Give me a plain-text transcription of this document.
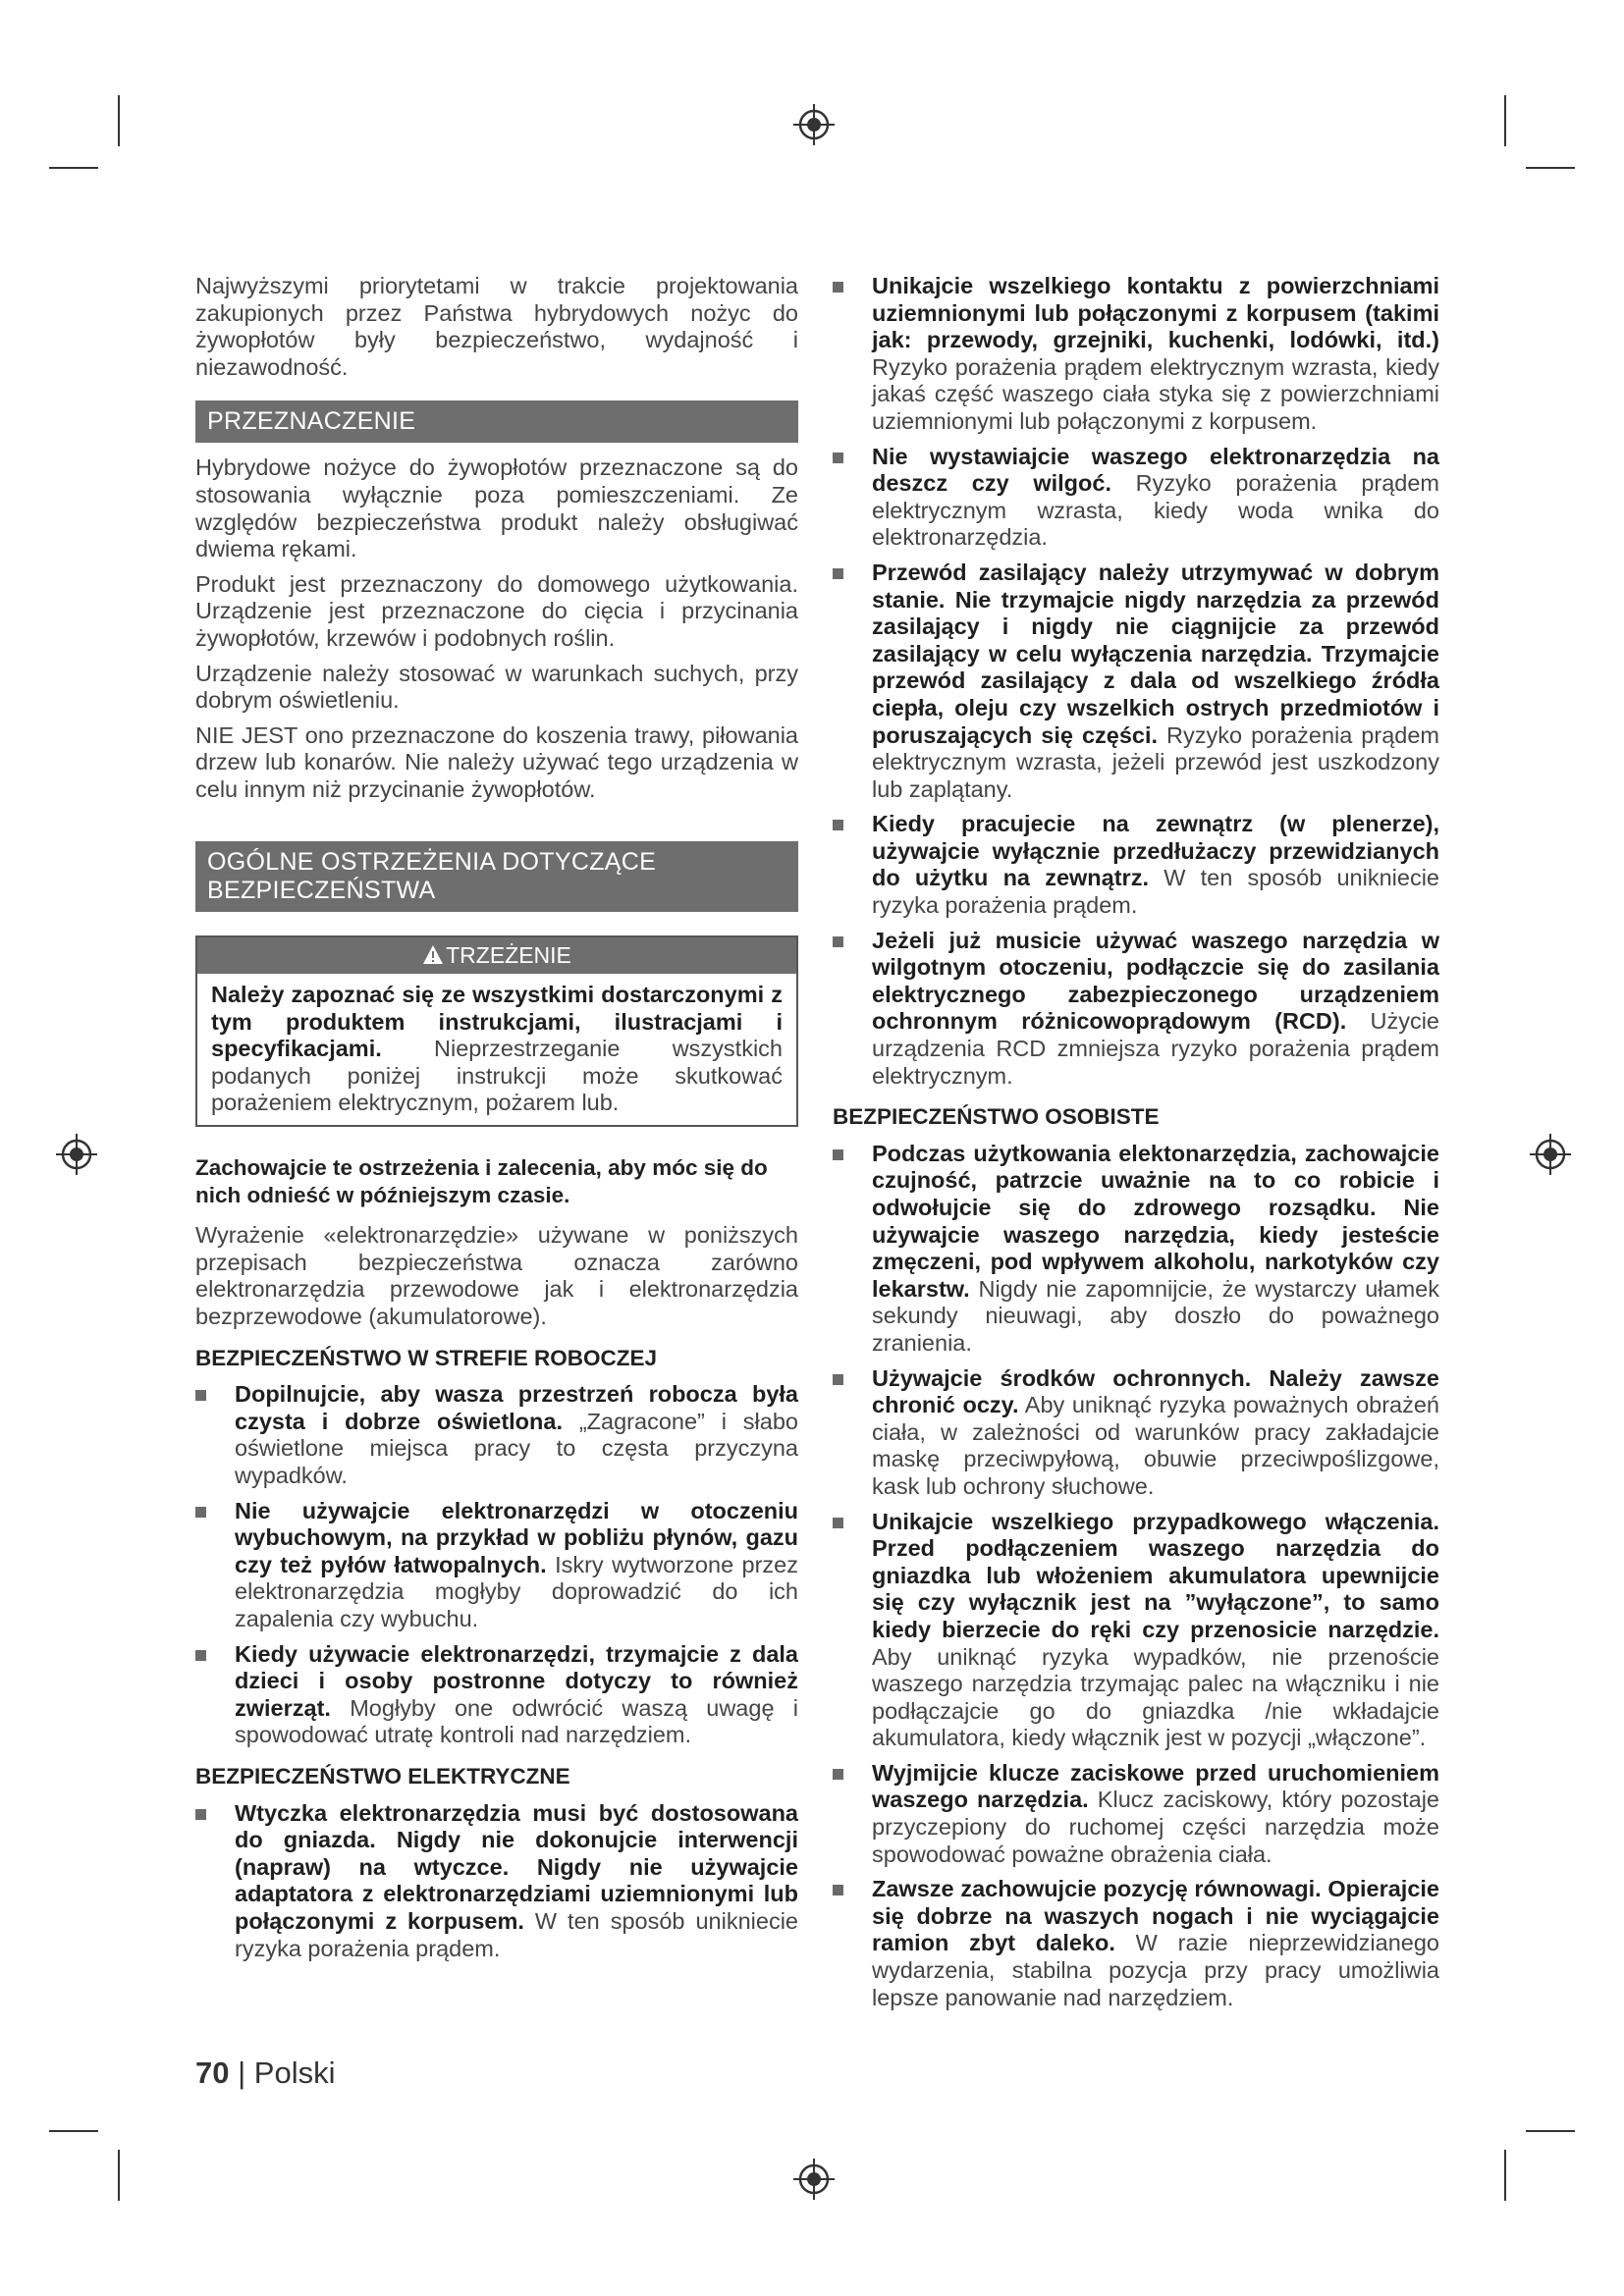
Najwyższymi priorytetami w trakcie projektowania zakupionych przez Państwa hybrydowych nożyc do żywopłotów były bezpieczeństwo, wydajność i niezawodność.

PRZEZNACZENIE

Hybrydowe nożyce do żywopłotów przeznaczone są do stosowania wyłącznie poza pomieszczeniami. Ze względów bezpieczeństwa produkt należy obsługiwać dwiema rękami.

Produkt jest przeznaczony do domowego użytkowania. Urządzenie jest przeznaczone do cięcia i przycinania żywopłotów, krzewów i podobnych roślin.

Urządzenie należy stosować w warunkach suchych, przy dobrym oświetleniu.

NIE JEST ono przeznaczone do koszenia trawy, piłowania drzew lub konarów. Nie należy używać tego urządzenia w celu innym niż przycinanie żywopłotów.

OGÓLNE OSTRZEŻENIA DOTYCZĄCE
BEZPIECZEŃSTWA
TRZEŻENIE

Należy zapoznać się ze wszystkimi dostarczonymi z tym produktem instrukcjami, ilustracjami i specyfikacjami. Nieprzestrzeganie wszystkich podanych poniżej instrukcji może skutkować porażeniem elektrycznym, pożarem lub.

Zachowajcie te ostrzeżenia i zalecenia, aby móc się do nich odnieść w późniejszym czasie.

Wyrażenie «elektronarzędzie» używane w poniższych przepisach bezpieczeństwa oznacza zarówno elektronarzędzia przewodowe jak i elektronarzędzia bezprzewodowe (akumulatorowe).

BEZPIECZEŃSTWO W STREFIE ROBOCZEJ
Dopilnujcie, aby wasza przestrzeń robocza była czysta i dobrze oświetlona. „Zagracone” i słabo oświetlone miejsca pracy to częsta przyczyna wypadków.
Nie używajcie elektronarzędzi w otoczeniu wybuchowym, na przykład w pobliżu płynów, gazu czy też pyłów łatwopalnych. Iskry wytworzone przez elektronarzędzia mogłyby doprowadzić do ich zapalenia czy wybuchu.
Kiedy używacie elektronarzędzi, trzymajcie z dala dzieci i osoby postronne dotyczy to również zwierząt. Mogłyby one odwrócić waszą uwagę i spowodować utratę kontroli nad narzędziem.
BEZPIECZEŃSTWO ELEKTRYCZNE
Wtyczka elektronarzędzia musi być dostosowana do gniazda. Nigdy nie dokonujcie interwencji (napraw) na wtyczce. Nigdy nie używajcie adaptatora z elektronarzędziami uziemnionymi lub połączonymi z korpusem. W ten sposób unikniecie ryzyka porażenia prądem.
Unikajcie wszelkiego kontaktu z powierzchniami uziemnionymi lub połączonymi z korpusem (takimi jak: przewody, grzejniki, kuchenki, lodówki, itd.) Ryzyko porażenia prądem elektrycznym wzrasta, kiedy jakaś część waszego ciała styka się z powierzchniami uziemnionymi lub połączonymi z korpusem.
Nie wystawiajcie waszego elektronarzędzia na deszcz czy wilgoć. Ryzyko porażenia prądem elektrycznym wzrasta, kiedy woda wnika do elektronarzędzia.
Przewód zasilający należy utrzymywać w dobrym stanie. Nie trzymajcie nigdy narzędzia za przewód zasilający i nigdy nie ciągnijcie za przewód zasilający w celu wyłączenia narzędzia. Trzymajcie przewód zasilający z dala od wszelkiego źródła ciepła, oleju czy wszelkich ostrych przedmiotów i poruszających się części. Ryzyko porażenia prądem elektrycznym wzrasta, jeżeli przewód jest uszkodzony lub zaplątany.
Kiedy pracujecie na zewnątrz (w plenerze), używajcie wyłącznie przedłużaczy przewidzianych do użytku na zewnątrz. W ten sposób unikniecie ryzyka porażenia prądem.
Jeżeli już musicie używać waszego narzędzia w wilgotnym otoczeniu, podłączcie się do zasilania elektrycznego zabezpieczonego urządzeniem ochronnym różnicowoprądowym (RCD). Użycie urządzenia RCD zmniejsza ryzyko porażenia prądem elektrycznym.
BEZPIECZEŃSTWO OSOBISTE
Podczas użytkowania elektonarzędzia, zachowajcie czujność, patrzcie uważnie na to co robicie i odwołujcie się do zdrowego rozsądku. Nie używajcie waszego narzędzia, kiedy jesteście zmęczeni, pod wpływem alkoholu, narkotyków czy lekarstw. Nigdy nie zapomnijcie, że wystarczy ułamek sekundy nieuwagi, aby doszło do poważnego zranienia.
Używajcie środków ochronnych. Należy zawsze chronić oczy. Aby uniknąć ryzyka poważnych obrażeń ciała, w zależności od warunków pracy zakładajcie maskę przeciwpyłową, obuwie przeciwpoślizgowe, kask lub ochrony słuchowe.
Unikajcie wszelkiego przypadkowego włączenia. Przed podłączeniem waszego narzędzia do gniazdka lub włożeniem akumulatora upewnijcie się czy wyłącznik jest na ”wyłączone”, to samo kiedy bierzecie do ręki czy przenosicie narzędzie. Aby uniknąć ryzyka wypadków, nie przenoście waszego narzędzia trzymając palec na włączniku i nie podłączajcie go do gniazdka /nie wkładajcie akumulatora, kiedy włącznik jest w pozycji „włączone”.
Wyjmijcie klucze zaciskowe przed uruchomieniem waszego narzędzia. Klucz zaciskowy, który pozostaje przyczepiony do ruchomej części narzędzia może spowodować poważne obrażenia ciała.
Zawsze zachowujcie pozycję równowagi. Opierajcie się dobrze na waszych nogach i nie wyciągajcie ramion zbyt daleko. W razie nieprzewidzianego wydarzenia, stabilna pozycja przy pracy umożliwia lepsze panowanie nad narzędziem.
70 | Polski
